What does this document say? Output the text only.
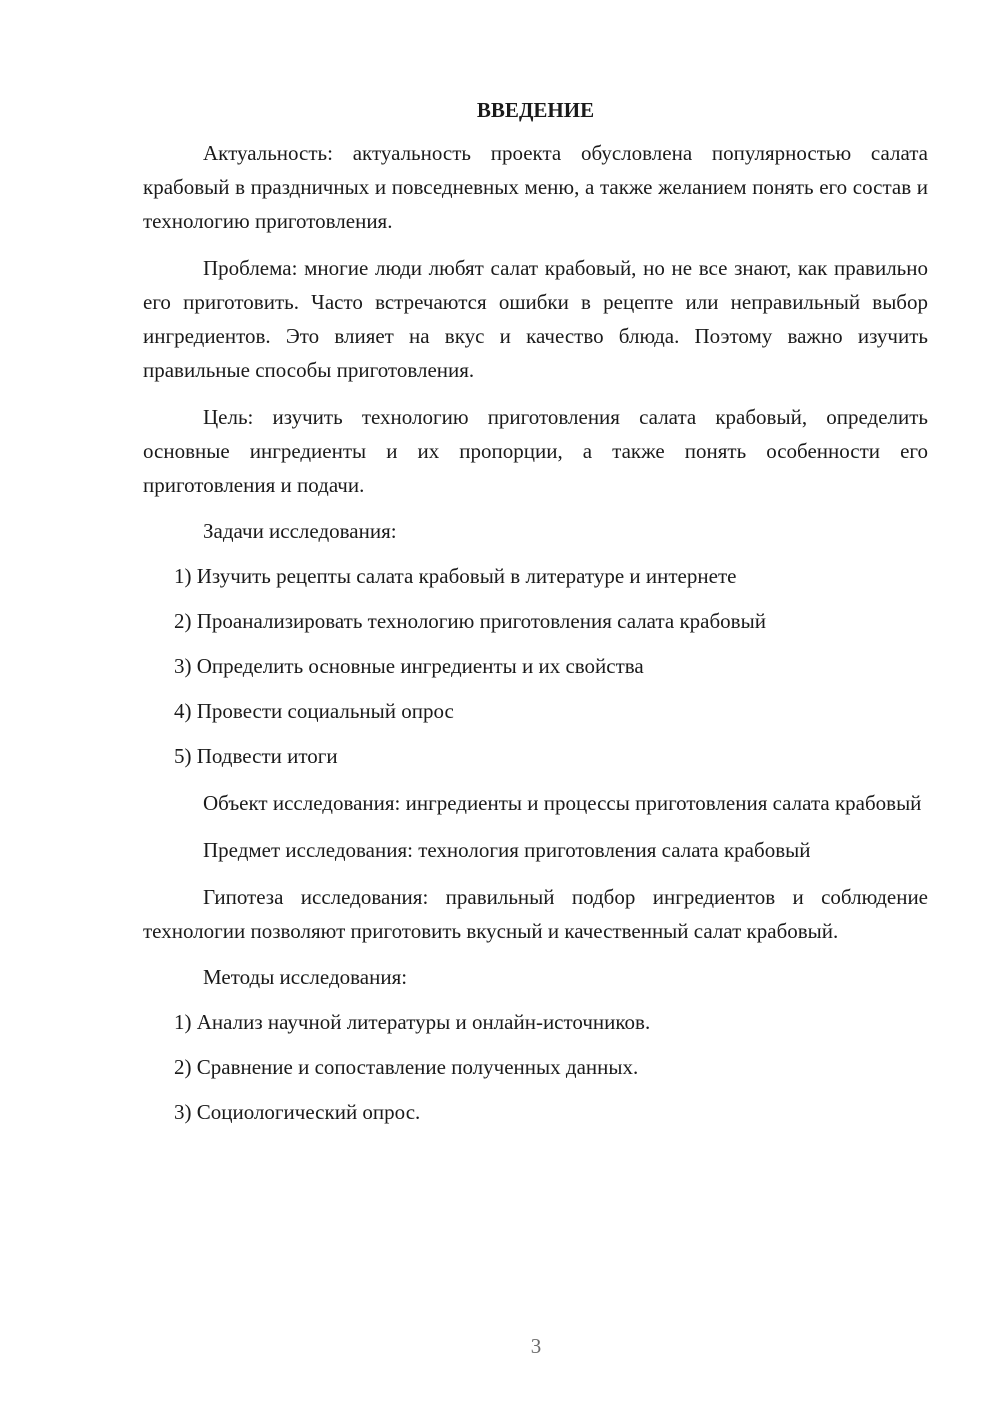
ВВЕДЕНИЕ

Актуальность: актуальность проекта обусловлена популярностью салата крабовый в праздничных и повседневных меню, а также желанием понять его состав и технологию приготовления.

Проблема: многие люди любят салат крабовый, но не все знают, как правильно его приготовить. Часто встречаются ошибки в рецепте или неправильный выбор ингредиентов. Это влияет на вкус и качество блюда. Поэтому важно изучить правильные способы приготовления.

Цель: изучить технологию приготовления салата крабовый, определить основные ингредиенты и их пропорции, а также понять особенности его приготовления и подачи.

Задачи исследования:

1) Изучить рецепты салата крабовый в литературе и интернете

2) Проанализировать технологию приготовления салата крабовый

3) Определить основные ингредиенты и их свойства

4) Провести социальный опрос

5) Подвести итоги

Объект исследования: ингредиенты и процессы приготовления салата крабовый

Предмет исследования: технология приготовления салата крабовый

Гипотеза исследования: правильный подбор ингредиентов и соблюдение технологии позволяют приготовить вкусный и качественный салат крабовый.

Методы исследования:

1) Анализ научной литературы и онлайн-источников.

2) Сравнение и сопоставление полученных данных.

3) Социологический опрос.

3
